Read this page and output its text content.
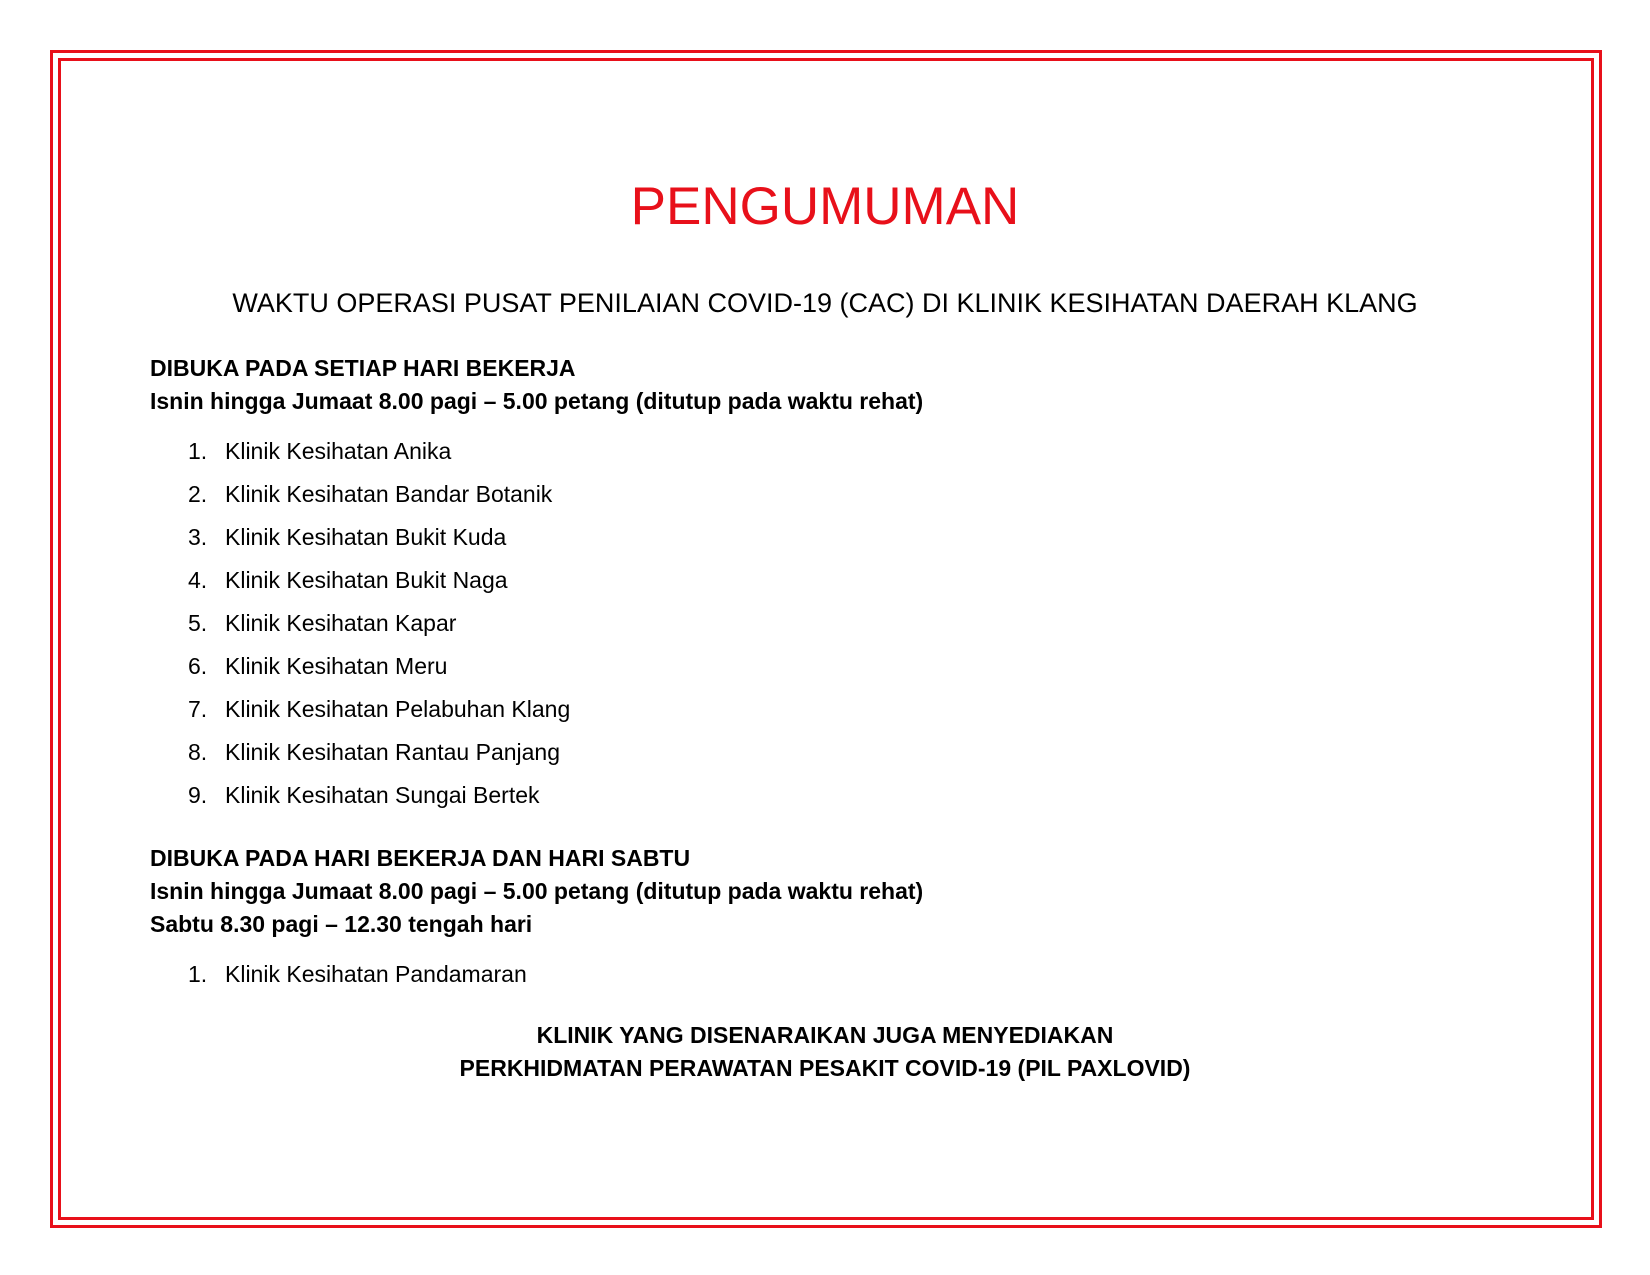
PENGUMUMAN

WAKTU OPERASI PUSAT PENILAIAN COVID-19 (CAC) DI KLINIK KESIHATAN DAERAH KLANG

DIBUKA PADA SETIAP HARI BEKERJA

Isnin hingga Jumaat 8.00 pagi – 5.00 petang (ditutup pada waktu rehat)

1. Klinik Kesihatan Anika
2. Klinik Kesihatan Bandar Botanik
3. Klinik Kesihatan Bukit Kuda
4. Klinik Kesihatan Bukit Naga
5. Klinik Kesihatan Kapar
6. Klinik Kesihatan Meru
7. Klinik Kesihatan Pelabuhan Klang
8. Klinik Kesihatan Rantau Panjang
9. Klinik Kesihatan Sungai Bertek

DIBUKA PADA HARI BEKERJA DAN HARI SABTU

Isnin hingga Jumaat 8.00 pagi – 5.00 petang (ditutup pada waktu rehat)

Sabtu 8.30 pagi – 12.30 tengah hari

1. Klinik Kesihatan Pandamaran

KLINIK YANG DISENARAIKAN JUGA MENYEDIAKAN

PERKHIDMATAN PERAWATAN PESAKIT COVID-19 (PIL PAXLOVID)
